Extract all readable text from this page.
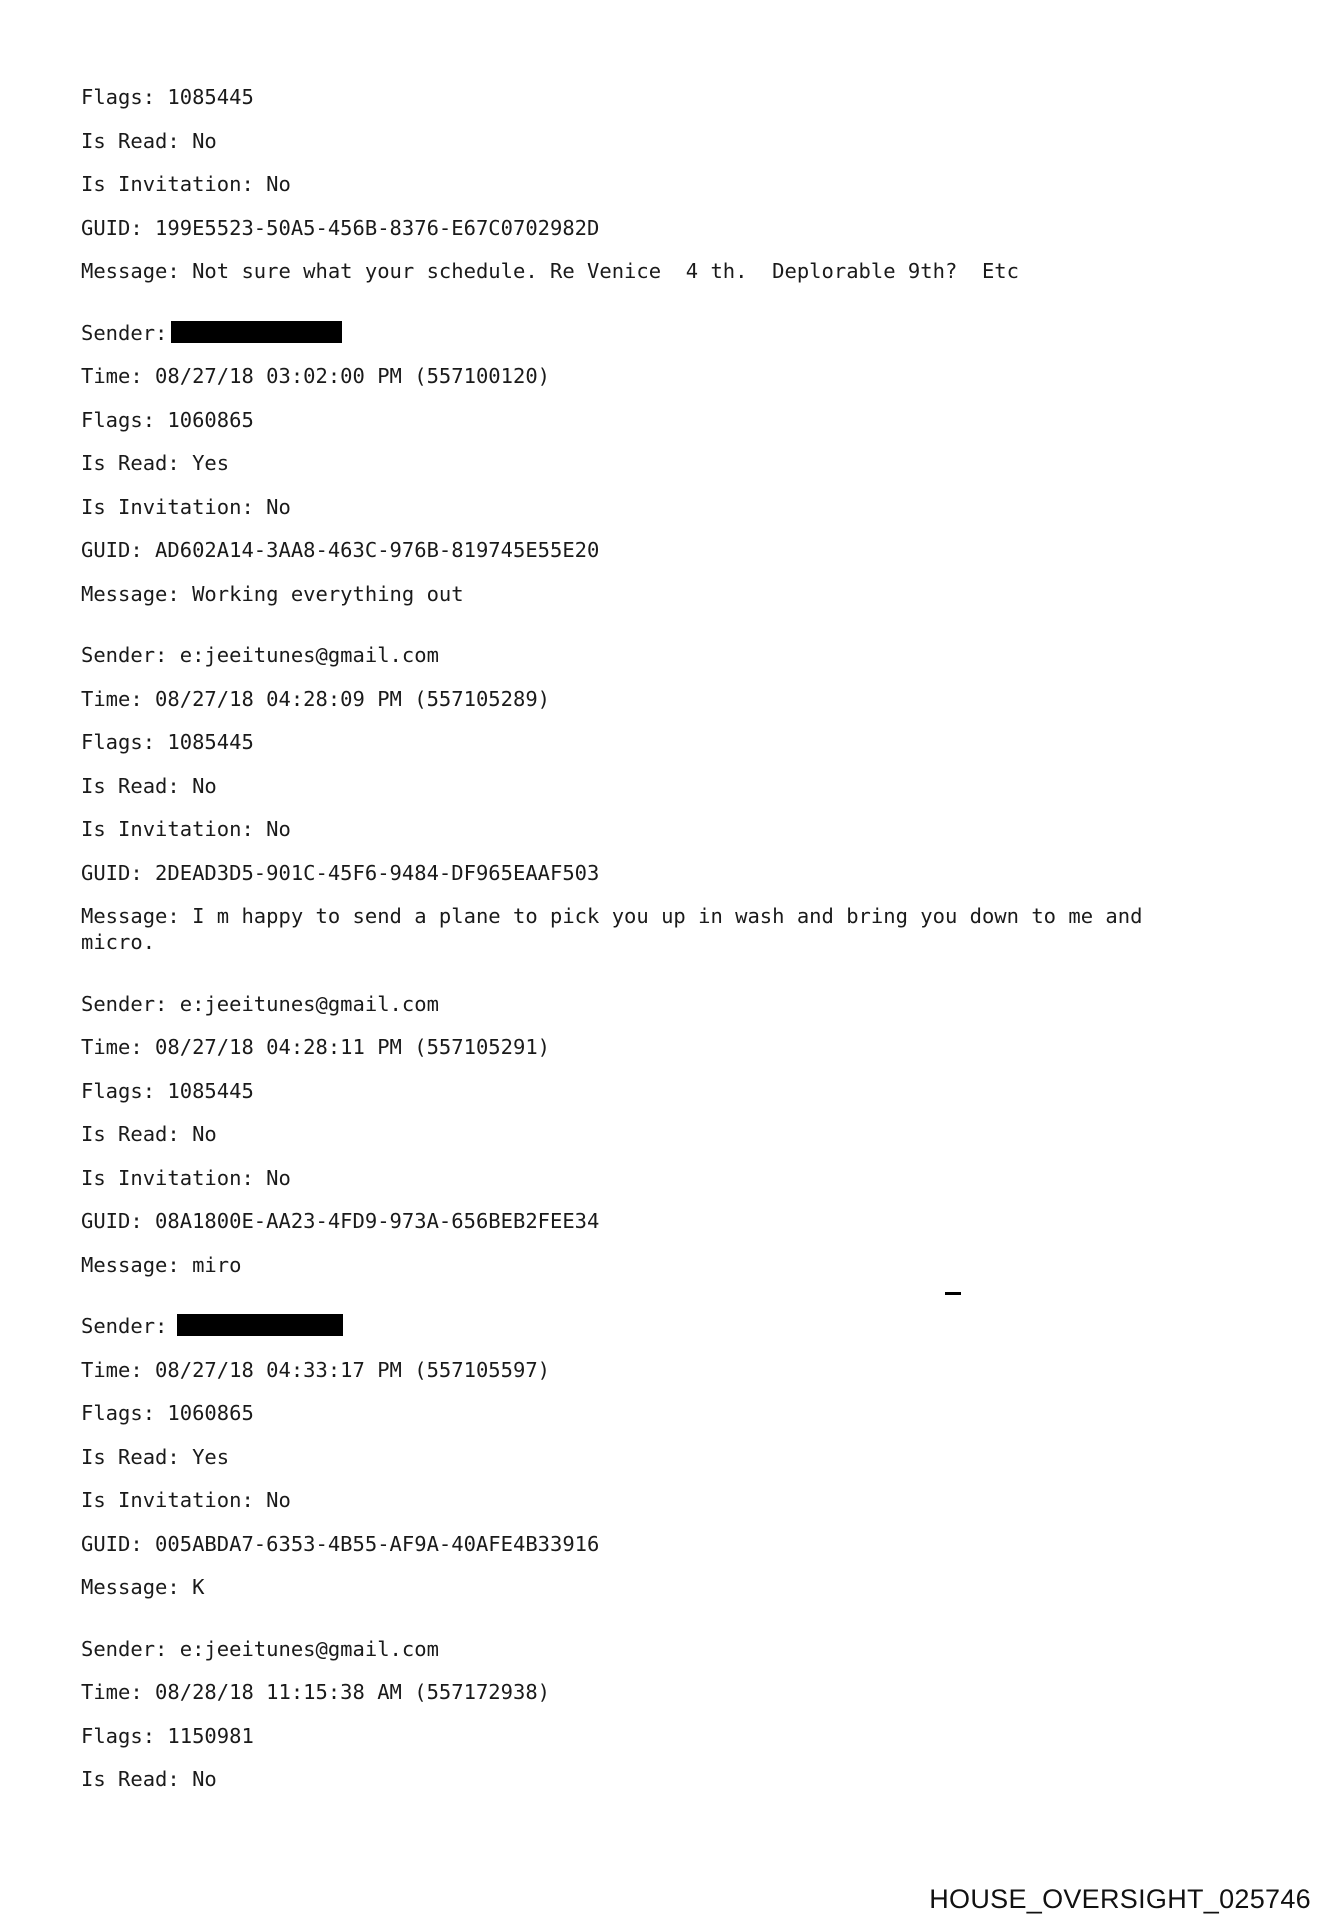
Flags: 1085445
Is Read: No
Is Invitation: No
GUID: 199E5523-50A5-456B-8376-E67C0702982D
Message: Not sure what your schedule. Re Venice  4 th.  Deplorable 9th?  Etc
Sender:
Time: 08/27/18 03:02:00 PM (557100120)
Flags: 1060865
Is Read: Yes
Is Invitation: No
GUID: AD602A14-3AA8-463C-976B-819745E55E20
Message: Working everything out
Sender: e:jeeitunes@gmail.com
Time: 08/27/18 04:28:09 PM (557105289)
Flags: 1085445
Is Read: No
Is Invitation: No
GUID: 2DEAD3D5-901C-45F6-9484-DF965EAAF503
Message: I m happy to send a plane to pick you up in wash and bring you down to me and
micro.
Sender: e:jeeitunes@gmail.com
Time: 08/27/18 04:28:11 PM (557105291)
Flags: 1085445
Is Read: No
Is Invitation: No
GUID: 08A1800E-AA23-4FD9-973A-656BEB2FEE34
Message: miro
Sender:
Time: 08/27/18 04:33:17 PM (557105597)
Flags: 1060865
Is Read: Yes
Is Invitation: No
GUID: 005ABDA7-6353-4B55-AF9A-40AFE4B33916
Message: K
Sender: e:jeeitunes@gmail.com
Time: 08/28/18 11:15:38 AM (557172938)
Flags: 1150981
Is Read: No
HOUSE_OVERSIGHT_025746
